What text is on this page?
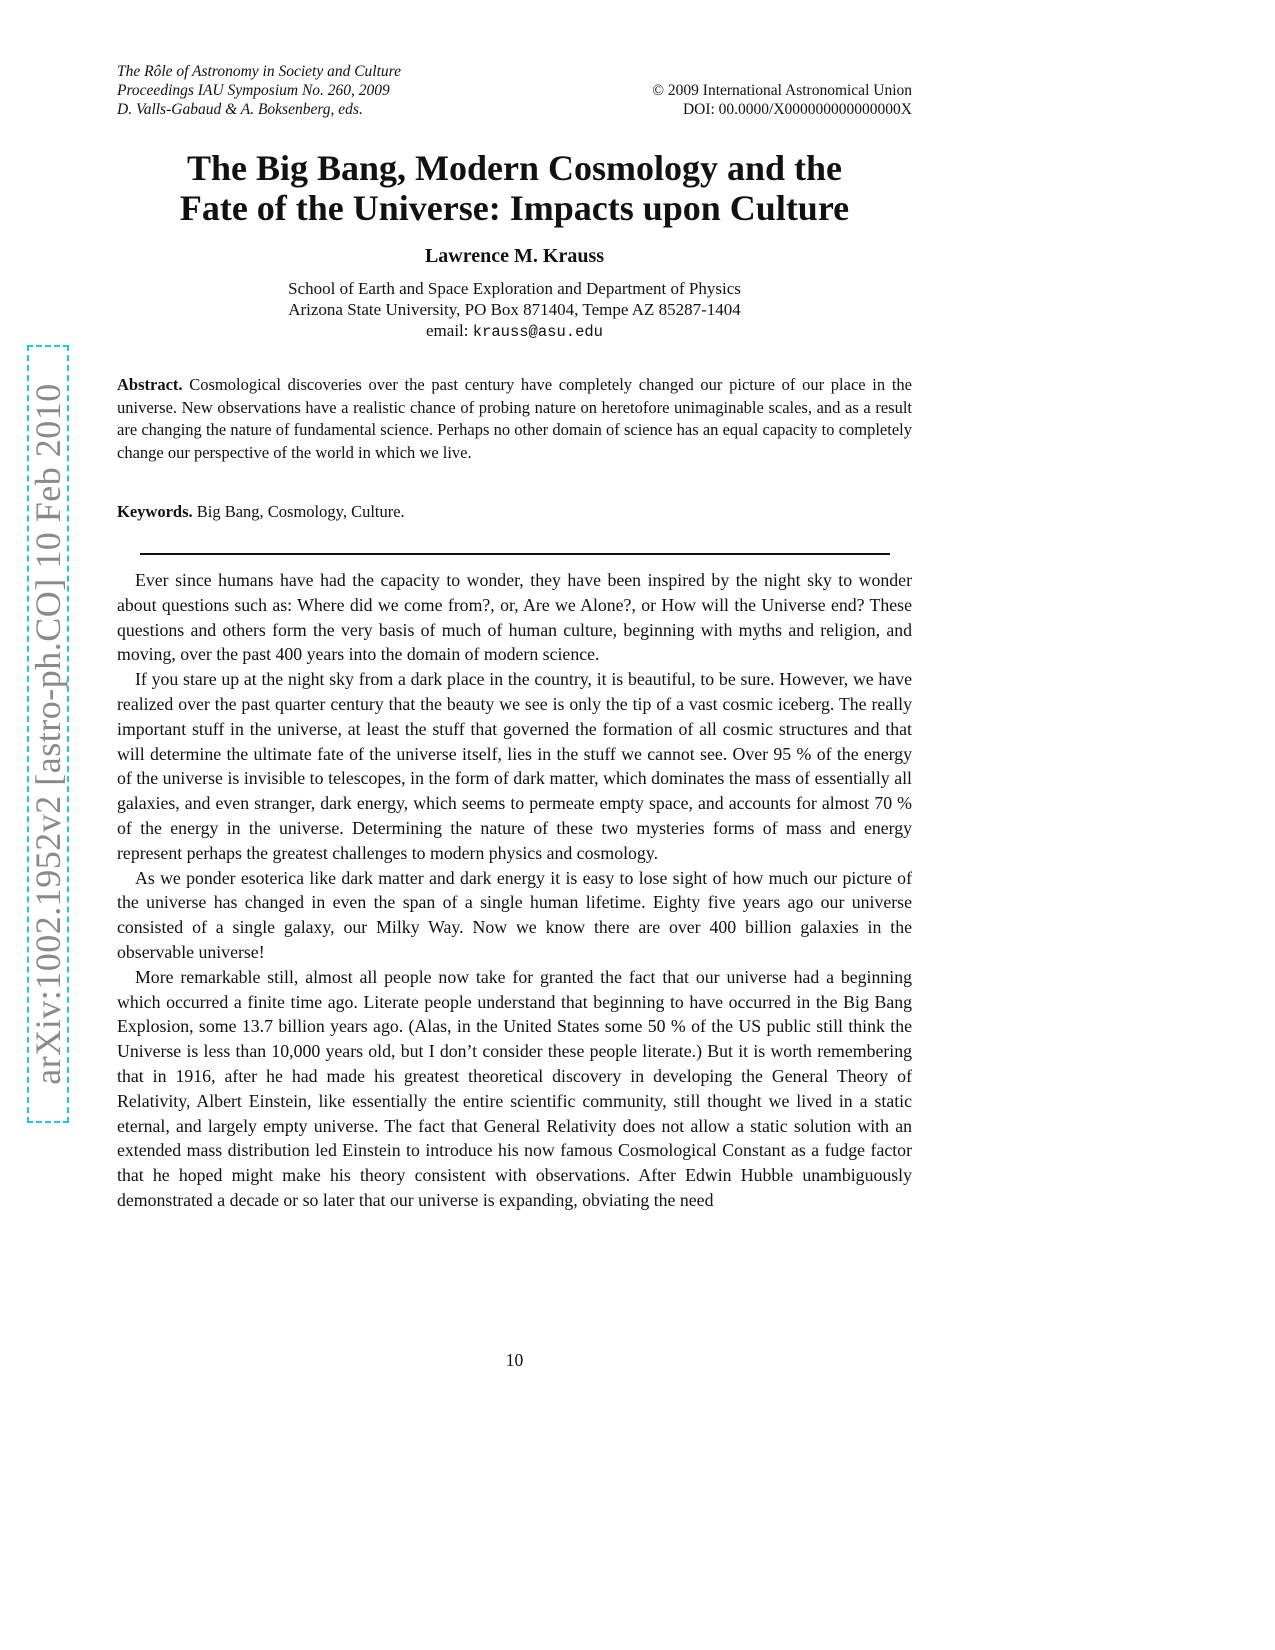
arXiv:1002.1952v2 [astro-ph.CO] 10 Feb 2010
The Rôle of Astronomy in Society and Culture
Proceedings IAU Symposium No. 260, 2009
D. Valls-Gabaud & A. Boksenberg, eds.
© 2009 International Astronomical Union
DOI: 00.0000/X000000000000000X
The Big Bang, Modern Cosmology and the
Fate of the Universe: Impacts upon Culture
Lawrence M. Krauss
School of Earth and Space Exploration and Department of Physics
Arizona State University, PO Box 871404, Tempe AZ 85287-1404
email: krauss@asu.edu
Abstract. Cosmological discoveries over the past century have completely changed our picture of our place in the universe. New observations have a realistic chance of probing nature on heretofore unimaginable scales, and as a result are changing the nature of fundamental science. Perhaps no other domain of science has an equal capacity to completely change our perspective of the world in which we live.
Keywords. Big Bang, Cosmology, Culture.

Ever since humans have had the capacity to wonder, they have been inspired by the night sky to wonder about questions such as: Where did we come from?, or, Are we Alone?, or How will the Universe end? These questions and others form the very basis of much of human culture, beginning with myths and religion, and moving, over the past 400 years into the domain of modern science.

If you stare up at the night sky from a dark place in the country, it is beautiful, to be sure. However, we have realized over the past quarter century that the beauty we see is only the tip of a vast cosmic iceberg. The really important stuff in the universe, at least the stuff that governed the formation of all cosmic structures and that will determine the ultimate fate of the universe itself, lies in the stuff we cannot see. Over 95 % of the energy of the universe is invisible to telescopes, in the form of dark matter, which dominates the mass of essentially all galaxies, and even stranger, dark energy, which seems to permeate empty space, and accounts for almost 70 % of the energy in the universe. Determining the nature of these two mysteries forms of mass and energy represent perhaps the greatest challenges to modern physics and cosmology.

As we ponder esoterica like dark matter and dark energy it is easy to lose sight of how much our picture of the universe has changed in even the span of a single human lifetime. Eighty five years ago our universe consisted of a single galaxy, our Milky Way. Now we know there are over 400 billion galaxies in the observable universe!

More remarkable still, almost all people now take for granted the fact that our universe had a beginning which occurred a finite time ago. Literate people understand that beginning to have occurred in the Big Bang Explosion, some 13.7 billion years ago. (Alas, in the United States some 50 % of the US public still think the Universe is less than 10,000 years old, but I don’t consider these people literate.) But it is worth remembering that in 1916, after he had made his greatest theoretical discovery in developing the General Theory of Relativity, Albert Einstein, like essentially the entire scientific community, still thought we lived in a static eternal, and largely empty universe. The fact that General Relativity does not allow a static solution with an extended mass distribution led Einstein to introduce his now famous Cosmological Constant as a fudge factor that he hoped might make his theory consistent with observations. After Edwin Hubble unambiguously demonstrated a decade or so later that our universe is expanding, obviating the need

10
